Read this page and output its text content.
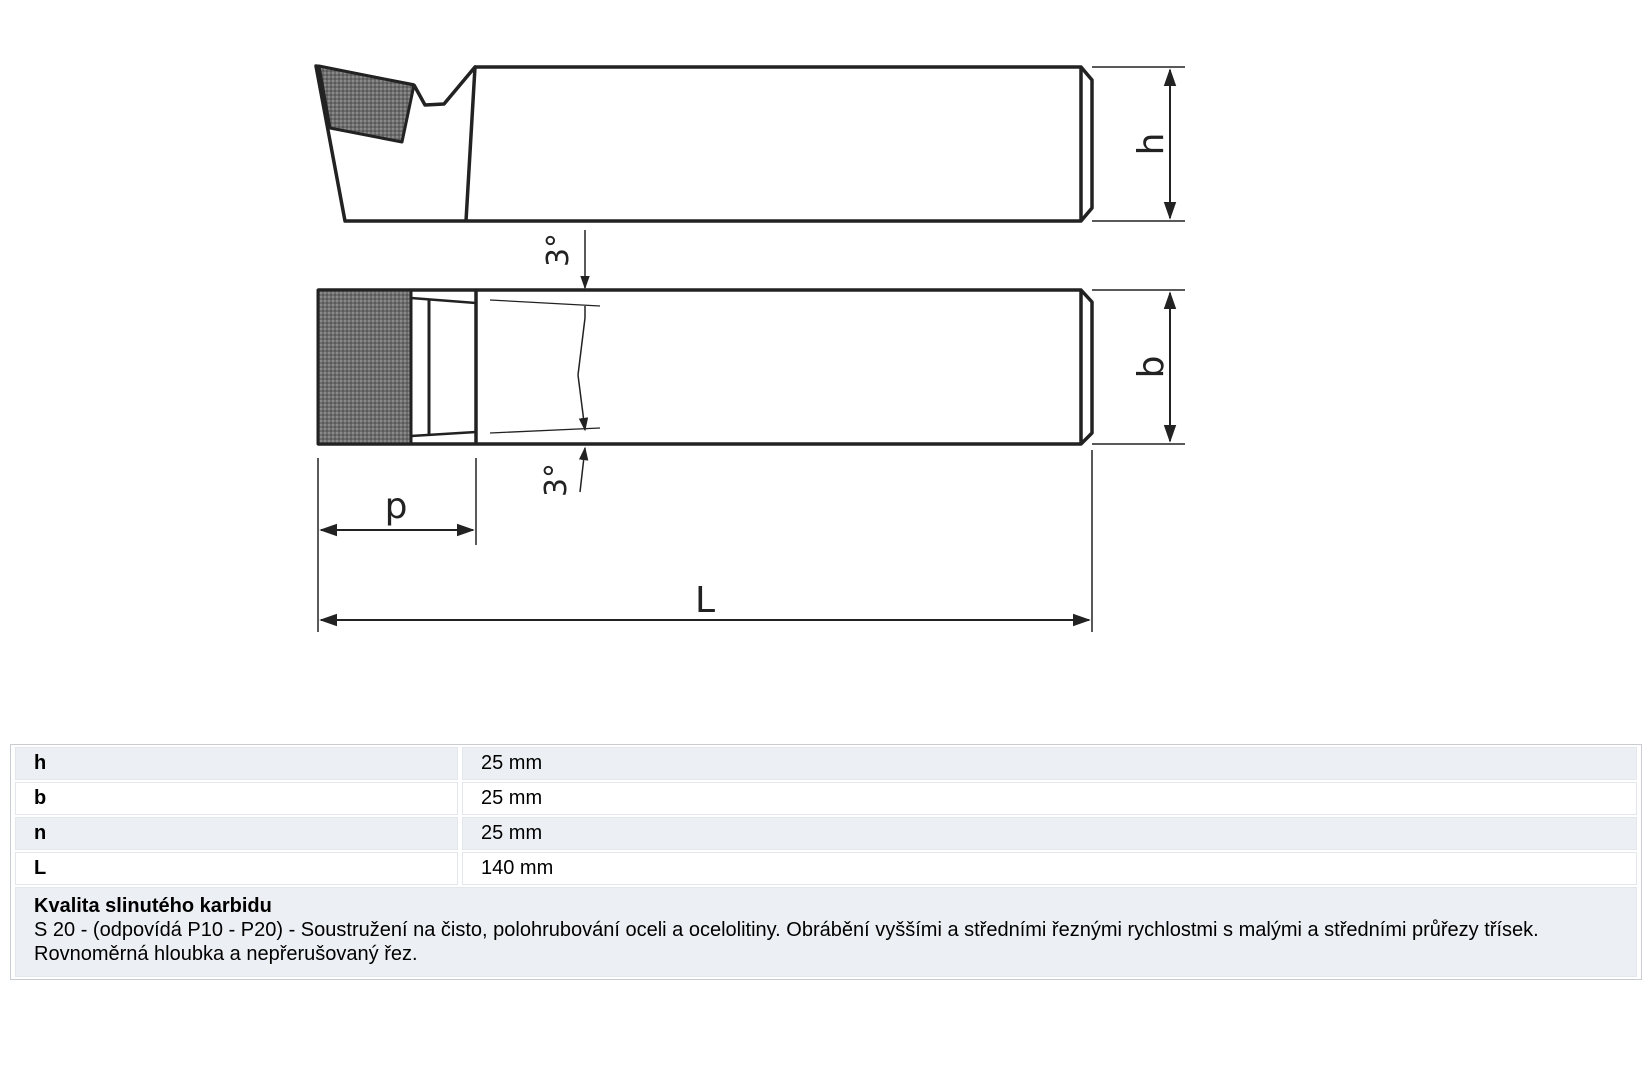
h
3°
3°
b
p
L
h	25 mm
b	25 mm
n	25 mm
L	140 mm

Kvalita slinutého karbidu
S 20 - (odpovídá P10 - P20) - Soustružení na čisto, polohrubování oceli a ocelolitiny. Obrábění vyššími a středními řeznými rychlostmi s malými a středními průřezy třísek. Rovnoměrná hloubka a nepřerušovaný řez.	
